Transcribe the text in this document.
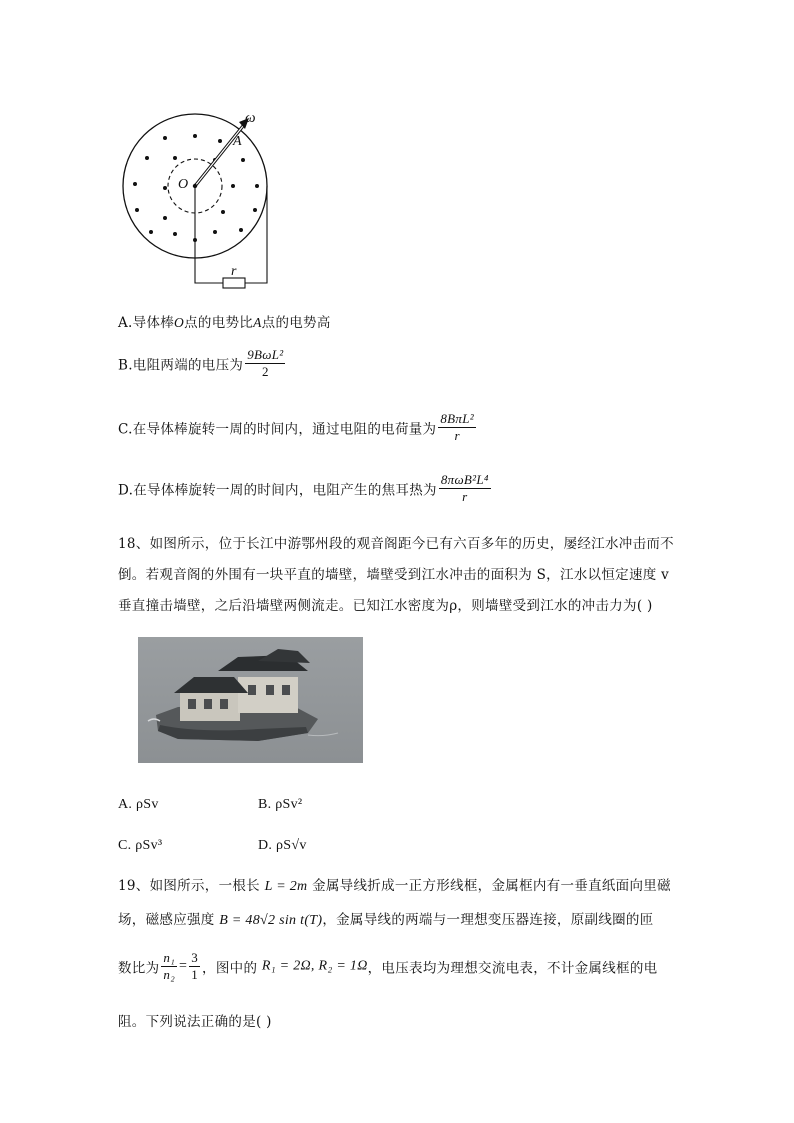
ω
A
O
r
A.导体棒O点的电势比A点的电势高
B.电阻两端的电压为 $\frac{\text{9BωL²}}{2}$
C.在导体棒旋转一周的时间内，通过电阻的电荷量为 $\frac{\text{8BπL²}}{r}$
D.在导体棒旋转一周的时间内，电阻产生的焦耳热为 $\frac{\text{8πωB²L⁴}}{r}$
18、如图所示，位于长江中游鄂州段的观音阁距今已有六百多年的历史，屡经江水冲击而不
倒。若观音阁的外围有一块平直的墙壁，墙壁受到江水冲击的面积为 S，江水以恒定速度 v
垂直撞击墙壁，之后沿墙壁两侧流走。已知江水密度为ρ，则墙壁受到江水的冲击力为( )
A. ρSv	B. ρSv²
C. ρSv³	D. ρS√v
19、如图所示，一根长 L = 2m 金属导线折成一正方形线框，金属框内有一垂直纸面向里磁
场，磁感应强度 B = 48√2 sin t(T)，金属导线的两端与一理想变压器连接，原副线圈的匝
数比为 $\frac{\text{n₁}}{\text{n₂}} = \frac{3}{1}$ ，图中的 R₁ = 2Ω, R₂ = 1Ω，电压表均为理想交流电表，不计金属线框的电
阻。下列说法正确的是( )
